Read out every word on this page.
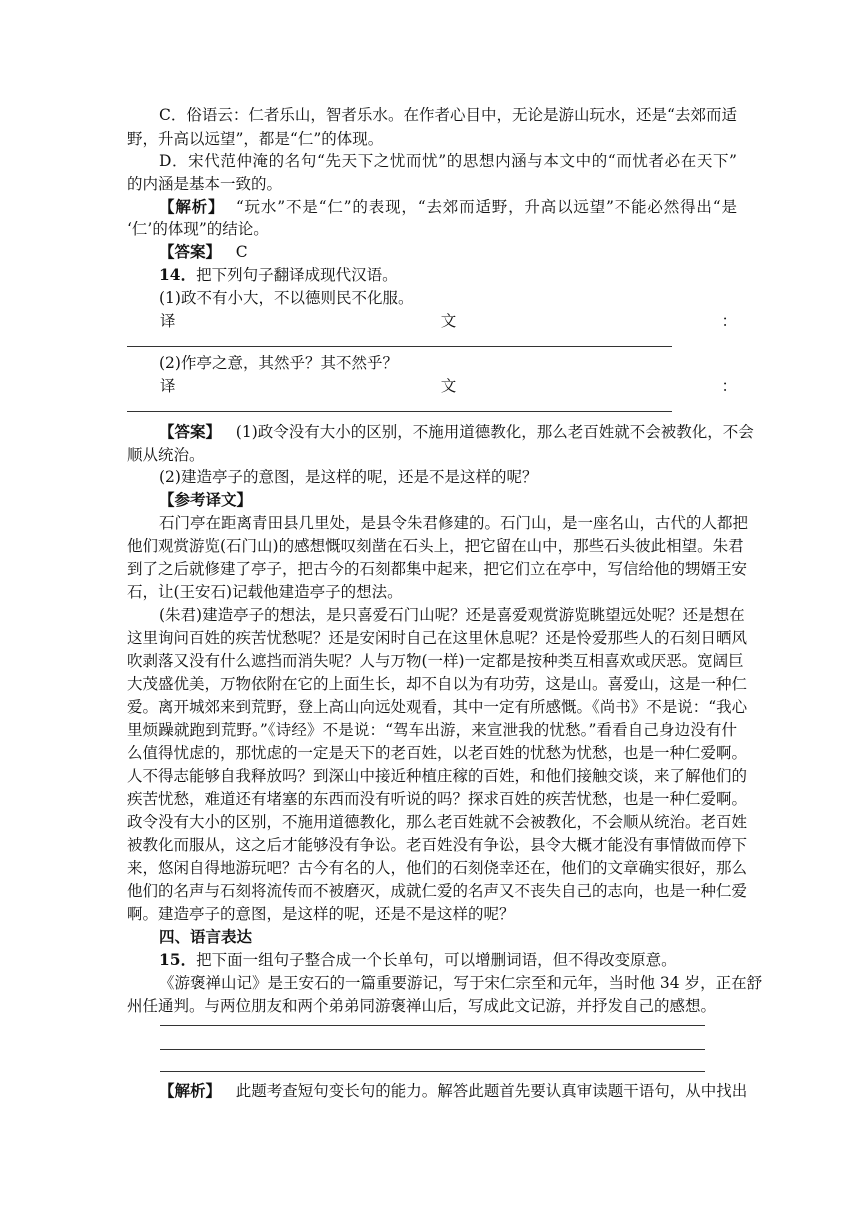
C．俗语云：仁者乐山，智者乐水。在作者心目中，无论是游山玩水，还是“去郊而适
野，升高以远望”，都是“仁”的体现。
D．宋代范仲淹的名句“先天下之忧而忧”的思想内涵与本文中的“而忧者必在天下”
的内涵是基本一致的。
【解析】 “玩水”不是“仁”的表现，“去郊而适野，升高以远望”不能必然得出“是
‘仁’的体现”的结论。
【答案】 C
14．把下列句子翻译成现代汉语。
(1)政不有小大，不以德则民不化服。
译	文	：
(2)作亭之意，其然乎？其不然乎？
译	文	：
【答案】 (1)政令没有大小的区别，不施用道德教化，那么老百姓就不会被教化，不会
顺从统治。
(2)建造亭子的意图，是这样的呢，还是不是这样的呢？
【参考译文】
石门亭在距离青田县几里处，是县令朱君修建的。石门山，是一座名山，古代的人都把
他们观赏游览(石门山)的感想慨叹刻凿在石头上，把它留在山中，那些石头彼此相望。朱君
到了之后就修建了亭子，把古今的石刻都集中起来，把它们立在亭中，写信给他的甥婿王安
石，让(王安石)记载他建造亭子的想法。
(朱君)建造亭子的想法，是只喜爱石门山呢？还是喜爱观赏游览眺望远处呢？还是想在
这里询问百姓的疾苦忧愁呢？还是安闲时自己在这里休息呢？还是怜爱那些人的石刻日晒风
吹剥落又没有什么遮挡而消失呢？人与万物(一样)一定都是按种类互相喜欢或厌恶。宽阔巨
大茂盛优美，万物依附在它的上面生长，却不自以为有功劳，这是山。喜爱山，这是一种仁
爱。离开城郊来到荒野，登上高山向远处观看，其中一定有所感慨。《尚书》不是说：“我心
里烦躁就跑到荒野。”《诗经》不是说：“驾车出游，来宣泄我的忧愁。”看看自己身边没有什
么值得忧虑的，那忧虑的一定是天下的老百姓，以老百姓的忧愁为忧愁，也是一种仁爱啊。
人不得志能够自我释放吗？到深山中接近种植庄稼的百姓，和他们接触交谈，来了解他们的
疾苦忧愁，难道还有堵塞的东西而没有听说的吗？探求百姓的疾苦忧愁，也是一种仁爱啊。
政令没有大小的区别，不施用道德教化，那么老百姓就不会被教化，不会顺从统治。老百姓
被教化而服从，这之后才能够没有争讼。老百姓没有争讼，县令大概才能没有事情做而停下
来，悠闲自得地游玩吧？古今有名的人，他们的石刻侥幸还在，他们的文章确实很好，那么
他们的名声与石刻将流传而不被磨灭，成就仁爱的名声又不丧失自己的志向，也是一种仁爱
啊。建造亭子的意图，是这样的呢，还是不是这样的呢？
四、语言表达
15．把下面一组句子整合成一个长单句，可以增删词语，但不得改变原意。
《游褒禅山记》是王安石的一篇重要游记，写于宋仁宗至和元年，当时他 34 岁，正在舒
州任通判。与两位朋友和两个弟弟同游褒禅山后，写成此文记游，并抒发自己的感想。
【解析】 此题考查短句变长句的能力。解答此题首先要认真审读题干语句，从中找出
